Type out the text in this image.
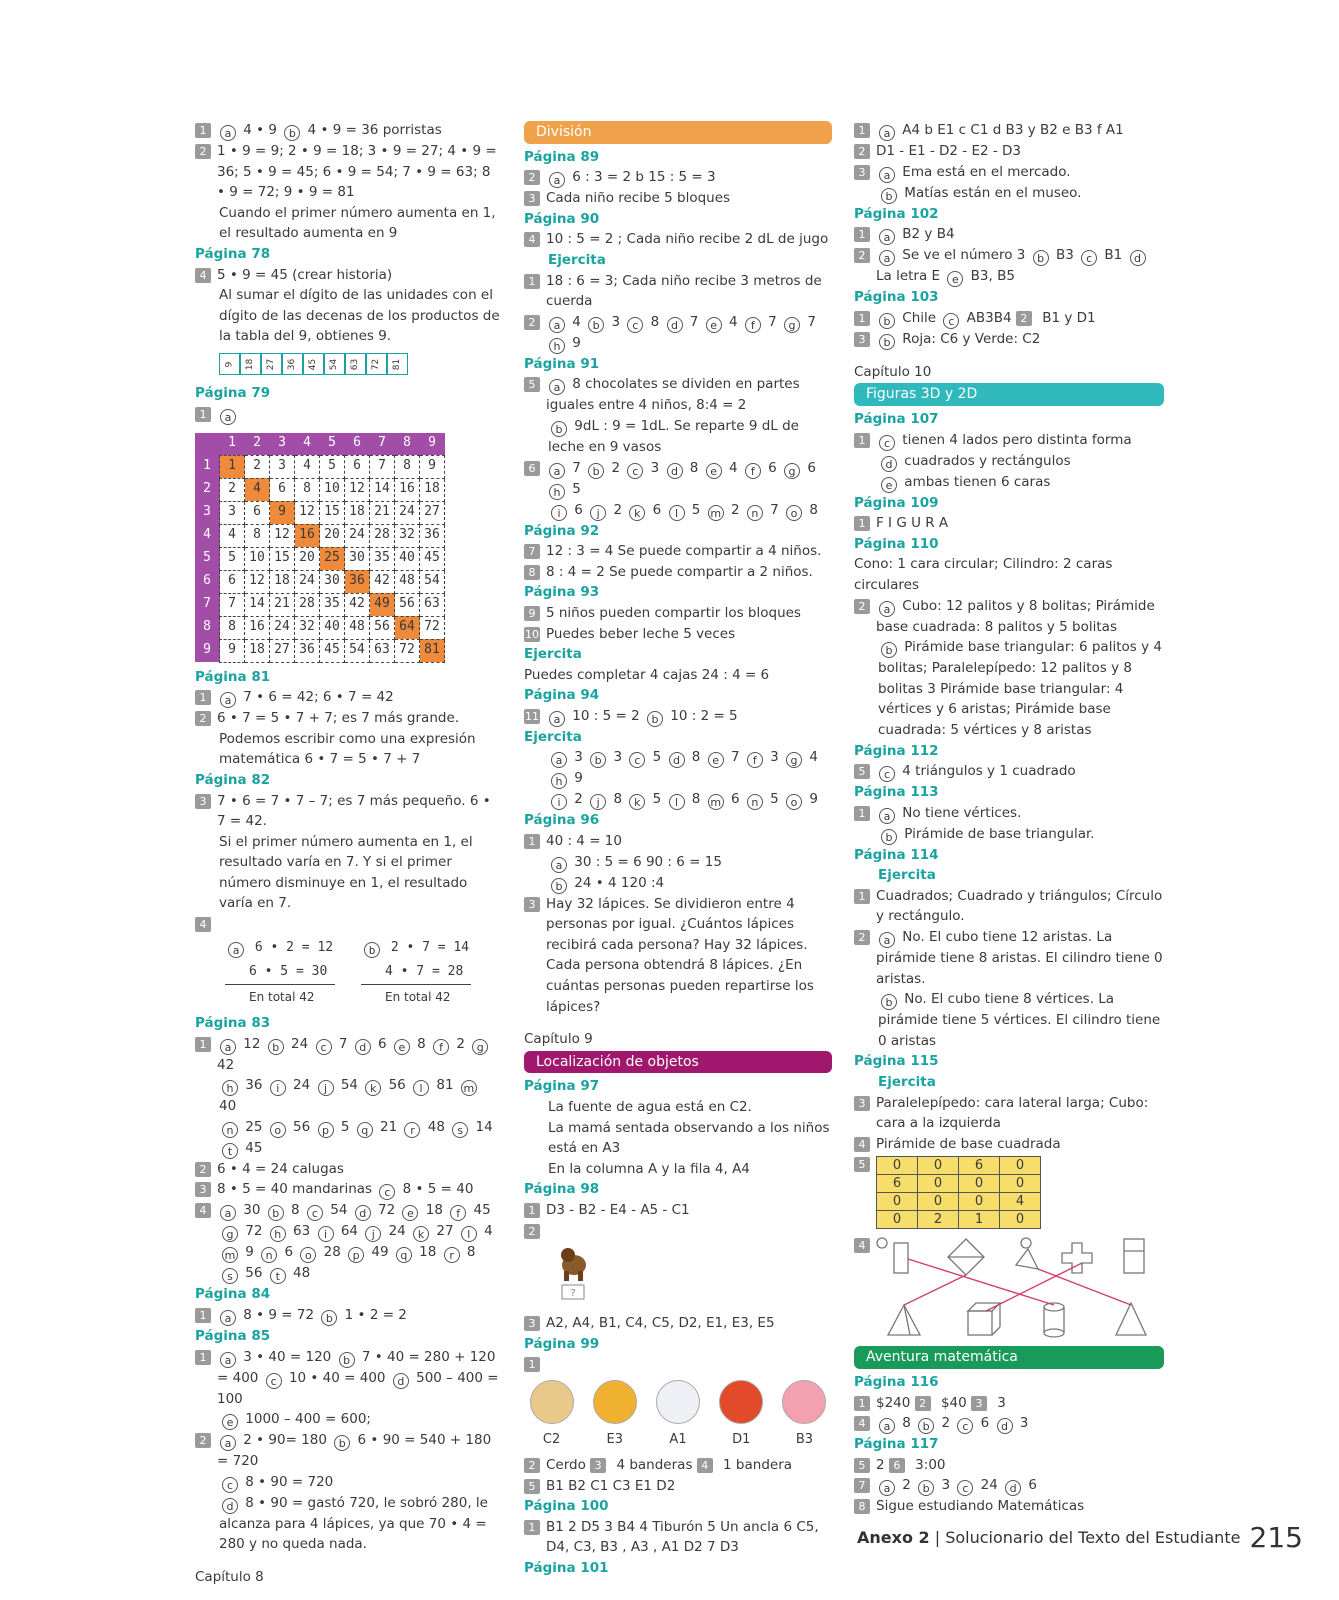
1	a 4 • 9 b 4 • 9 = 36 porristas
2 1 • 9 = 9; 2 • 9 = 18; 3 • 9 = 27; 4 • 9 = 36; 5 • 9 = 45; 6 • 9 = 54; 7 • 9 = 63; 8 • 9 = 72; 9 • 9 = 81
Cuando el primer número aumenta en 1, el resultado aumenta en 9
Página 78
4 5 • 9 = 45 (crear historia)
Al sumar el dígito de las unidades con el dígito de las decenas de los productos de la tabla del 9, obtienes 9.
9	18	27	36	45	54	63	72	81
Página 79
1	a
	1	2	3	4	5	6	7	8	9
1	1	2	3	4	5	6	7	8	9
2	2	4	6	8	10	12	14	16	18
3	3	6	9	12	15	18	21	24	27
4	4	8	12	16	20	24	28	32	36
5	5	10	15	20	25	30	35	40	45
6	6	12	18	24	30	36	42	48	54
7	7	14	21	28	35	42	49	56	63
8	8	16	24	32	40	48	56	64	72
9	9	18	27	36	45	54	63	72	81
Página 81
1	a 7 • 6 = 42; 6 • 7 = 42
2 6 • 7 = 5 • 7 + 7; es 7 más grande.
Podemos escribir como una expresión matemática 6 • 7 = 5 • 7 + 7
Página 82
3 7 • 6 = 7 • 7 – 7; es 7 más pequeño. 6 • 7 = 42.
Si el primer número aumenta en 1, el resultado varía en 7. Y si el primer número disminuye en 1, el resultado varía en 7.
4
a 6 • 2 = 12
6 • 5 = 30
En total 42
b 2 • 7 = 14
4 • 7 = 28
En total 42
Página 83
1	a 12 b 24 c 7 d 6 e 8 f 2 g 42
h 36 i 24 j 54 k 56 l 81 m 40
n 25 o 56 p 5 q 21 r 48 s 14
t 45
2 6 • 4 = 24 calugas
3 8 • 5 = 40 mandarinas c 8 • 5 = 40
4	a 30 b 8 c 54 d 72 e 18 f 45
g 72 h 63 i 64 j 24 k 27 l 4
m 9 n 6 o 28 p 49 q 18 r 8
s 56 t 48
Página 84
1	a 8 • 9 = 72 b 1 • 2 = 2
Página 85
1	a 3 • 40 = 120 b 7 • 40 = 280 + 120 = 400 c 10 • 40 = 400 d 500 – 400 = 100
e 1000 – 400 = 600;
2	a 2 • 90= 180 b 6 • 90 = 540 + 180 = 720
c 8 • 90 = 720
d 8 • 90 = gastó 720, le sobró 280, le alcanza para 4 lápices, ya que 70 • 4 = 280 y no queda nada.
Capítulo 8
División
Página 89
2	a 6 : 3 = 2 b 15 : 5 = 3
3 Cada niño recibe 5 bloques
Página 90
4 10 : 5 = 2 ; Cada niño recibe 2 dL de jugo
Ejercita
1 18 : 6 = 3; Cada niño recibe 3 metros de cuerda
2	a 4 b 3 c 8 d 7 e 4 f 7 g 7 h 9
Página 91
5	a 8 chocolates se dividen en partes iguales entre 4 niños, 8:4 = 2
b 9dL : 9 = 1dL. Se reparte 9 dL de leche en 9 vasos
6	a 7 b 2 c 3 d 8 e 4 f 6 g 6 h 5
i 6 j 2 k 6 l 5 m 2 n 7 o 8
Página 92
7 12 : 3 = 4 Se puede compartir a 4 niños.
8 8 : 4 = 2 Se puede compartir a 2 niños.
Página 93
9 5 niños pueden compartir los bloques
10 Puedes beber leche 5 veces
Ejercita
Puedes completar 4 cajas 24 : 4 = 6
Página 94
11	a 10 : 5 = 2 b 10 : 2 = 5
Ejercita
a 3 b 3 c 5 d 8 e 7 f 3 g 4 h 9
i 2 j 8 k 5 l 8 m 6 n 5 o 9
Página 96
1 40 : 4 = 10
a 30 : 5 = 6 90 : 6 = 15
b 24 • 4 120 :4
3 Hay 32 lápices. Se dividieron entre 4 personas por igual. ¿Cuántos lápices recibirá cada persona? Hay 32 lápices. Cada persona obtendrá 8 lápices. ¿En cuántas personas pueden repartirse los lápices?
Capítulo 9
Localización de objetos
Página 97
La fuente de agua está en C2.
La mamá sentada observando a los niños está en A3
En la columna A y la fila 4, A4
Página 98
1 D3 - B2 - E4 - A5 - C1
2
?
3 A2, A4, B1, C4, C5, D2, E1, E3, E5
Página 99
1
C2	E3	A1	D1	B3
2 Cerdo 3 4 banderas 4 1 bandera
5 B1 B2 C1 C3 E1 D2
Página 100
1 B1 2 D5 3 B4 4 Tiburón 5 Un ancla 6 C5, D4, C3, B3 , A3 , A1 D2 7 D3
Página 101
1	a A4 b E1 c C1 d B3 y B2 e B3 f A1
2 D1 - E1 - D2 - E2 - D3
3	a Ema está en el mercado.
b Matías están en el museo.
Página 102
1	a B2 y B4
2	a Se ve el número 3 b B3 c B1 d La letra E e B3, B5
Página 103
1	b Chile c AB3B4 2 B1 y D1
3	b Roja: C6 y Verde: C2
Capítulo 10
Figuras 3D y 2D
Página 107
1	c tienen 4 lados pero distinta forma
d cuadrados y rectángulos
e ambas tienen 6 caras
Página 109
1 F I G U R A
Página 110
Cono: 1 cara circular; Cilindro: 2 caras circulares
2	a Cubo: 12 palitos y 8 bolitas; Pirámide base cuadrada: 8 palitos y 5 bolitas
b Pirámide base triangular: 6 palitos y 4 bolitas; Paralelepípedo: 12 palitos y 8 bolitas 3 Pirámide base triangular: 4 vértices y 6 aristas; Pirámide base cuadrada: 5 vértices y 8 aristas
Página 112
5	c 4 triángulos y 1 cuadrado
Página 113
1	a No tiene vértices.
b Pirámide de base triangular.
Página 114
Ejercita
1 Cuadrados; Cuadrado y triángulos; Círculo y rectángulo.
2	a No. El cubo tiene 12 aristas. La pirámide tiene 8 aristas. El cilindro tiene 0 aristas.
b No. El cubo tiene 8 vértices. La pirámide tiene 5 vértices. El cilindro tiene 0 aristas
Página 115
Ejercita
3 Paralelepípedo: cara lateral larga; Cubo: cara a la izquierda
4 Pirámide de base cuadrada
5	0	0	6	0
6	0	0	0
0	0	0	4
0	2	1	0
4
Aventura matemática
Página 116
1 $240 2 $40 3 3
4	a 8 b 2 c 6 d 3
Página 117
5 2 6 3:00
7	a 2 b 3 c 24 d 6
8 Sigue estudiando Matemáticas
Anexo 2 | Solucionario del Texto del Estudiante 215
